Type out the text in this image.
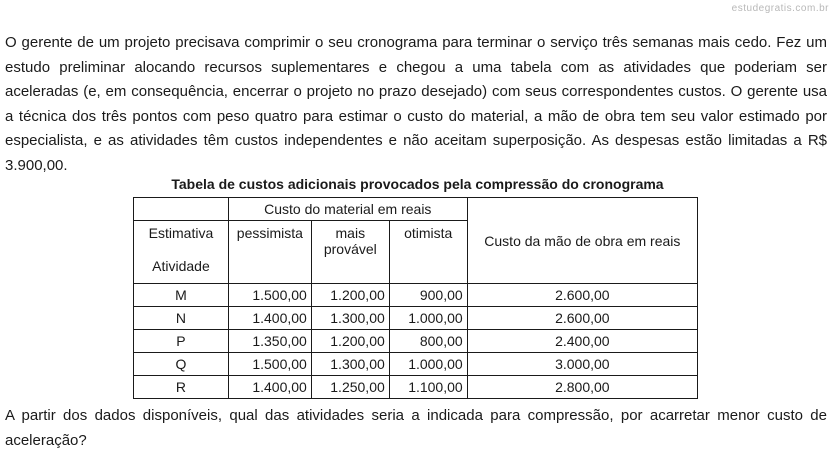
estudegratis.com.br

O gerente de um projeto precisava comprimir o seu cronograma para terminar o serviço três semanas mais cedo. Fez um estudo preliminar alocando recursos suplementares e chegou a uma tabela com as atividades que poderiam ser aceleradas (e, em consequência, encerrar o projeto no prazo desejado) com seus correspondentes custos. O gerente usa a técnica dos três pontos com peso quatro para estimar o custo do material, a mão de obra tem seu valor estimado por especialista, e as atividades têm custos independentes e não aceitam superposição. As despesas estão limitadas a R$ 3.900,00.

Tabela de custos adicionais provocados pela compressão do cronograma
	Custo do material em reais			Custo da mão de obra em reais
Estimativa
Atividade	pessimista	mais provável	otimista	
M	1.500,00	1.200,00	900,00	2.600,00
N	1.400,00	1.300,00	1.000,00	2.600,00
P	1.350,00	1.200,00	800,00	2.400,00
Q	1.500,00	1.300,00	1.000,00	3.000,00
R	1.400,00	1.250,00	1.100,00	2.800,00

A partir dos dados disponíveis, qual das atividades seria a indicada para compressão, por acarretar menor custo de aceleração?
